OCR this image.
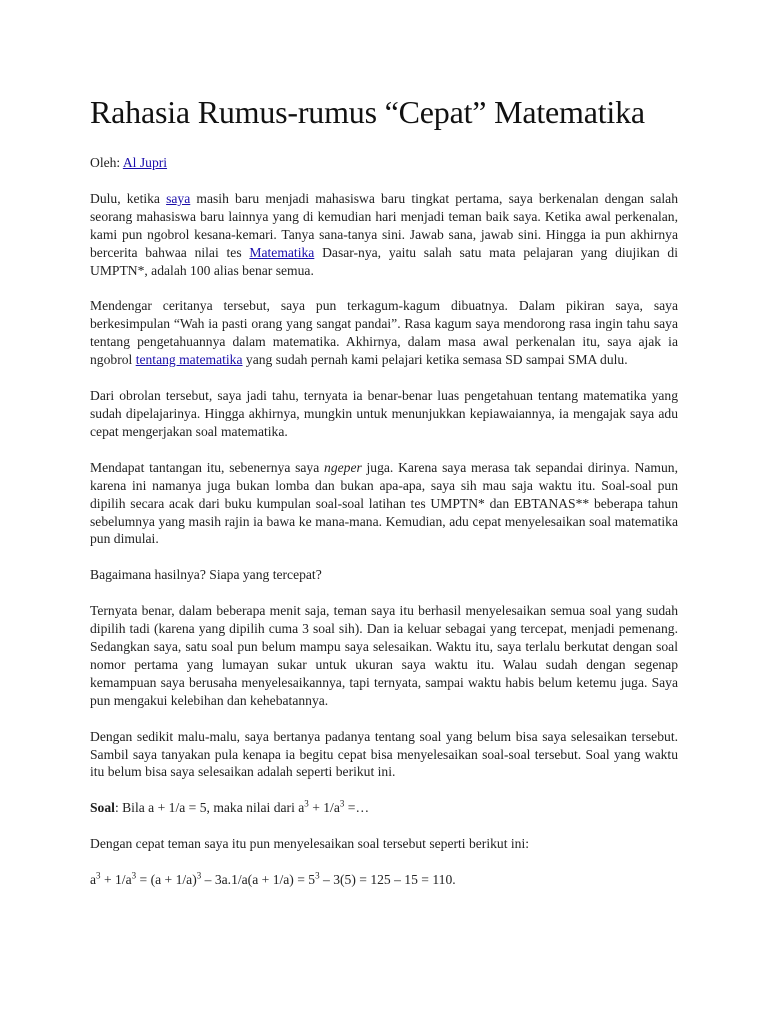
Rahasia Rumus-rumus “Cepat” Matematika

Oleh: Al Jupri

Dulu, ketika saya masih baru menjadi mahasiswa baru tingkat pertama, saya berkenalan dengan salah seorang mahasiswa baru lainnya yang di kemudian hari menjadi teman baik saya. Ketika awal perkenalan, kami pun ngobrol kesana-kemari. Tanya sana-tanya sini. Jawab sana, jawab sini. Hingga ia pun akhirnya bercerita bahwaa nilai tes Matematika Dasar-nya, yaitu salah satu mata pelajaran yang diujikan di UMPTN*, adalah 100 alias benar semua.

Mendengar ceritanya tersebut, saya pun terkagum-kagum dibuatnya. Dalam pikiran saya, saya berkesimpulan “Wah ia pasti orang yang sangat pandai”. Rasa kagum saya mendorong rasa ingin tahu saya tentang pengetahuannya dalam matematika. Akhirnya, dalam masa awal perkenalan itu, saya ajak ia ngobrol tentang matematika yang sudah pernah kami pelajari ketika semasa SD sampai SMA dulu.

Dari obrolan tersebut, saya jadi tahu, ternyata ia benar-benar luas pengetahuan tentang matematika yang sudah dipelajarinya. Hingga akhirnya, mungkin untuk menunjukkan kepiawaiannya, ia mengajak saya adu cepat mengerjakan soal matematika.

Mendapat tantangan itu, sebenernya saya ngeper juga. Karena saya merasa tak sepandai dirinya. Namun, karena ini namanya juga bukan lomba dan bukan apa-apa, saya sih mau saja waktu itu. Soal-soal pun dipilih secara acak dari buku kumpulan soal-soal latihan tes UMPTN* dan EBTANAS** beberapa tahun sebelumnya yang masih rajin ia bawa ke mana-mana. Kemudian, adu cepat menyelesaikan soal matematika pun dimulai.

Bagaimana hasilnya? Siapa yang tercepat?

Ternyata benar, dalam beberapa menit saja, teman saya itu berhasil menyelesaikan semua soal yang sudah dipilih tadi (karena yang dipilih cuma 3 soal sih). Dan ia keluar sebagai yang tercepat, menjadi pemenang. Sedangkan saya, satu soal pun belum mampu saya selesaikan. Waktu itu, saya terlalu berkutat dengan soal nomor pertama yang lumayan sukar untuk ukuran saya waktu itu. Walau sudah dengan segenap kemampuan saya berusaha menyelesaikannya, tapi ternyata, sampai waktu habis belum ketemu juga. Saya pun mengakui kelebihan dan kehebatannya.

Dengan sedikit malu-malu, saya bertanya padanya tentang soal yang belum bisa saya selesaikan tersebut. Sambil saya tanyakan pula kenapa ia begitu cepat bisa menyelesaikan soal-soal tersebut. Soal yang waktu itu belum bisa saya selesaikan adalah seperti berikut ini.

Soal: Bila a + 1/a = 5, maka nilai dari $a^3 + 1/a^3$ =…

Dengan cepat teman saya itu pun menyelesaikan soal tersebut seperti berikut ini:

$a^3 + 1/a^3 = (a + 1/a)^3 - 3a.1/a(a + 1/a) = 5^3 - 3(5) = 125 - 15 = 110$.
